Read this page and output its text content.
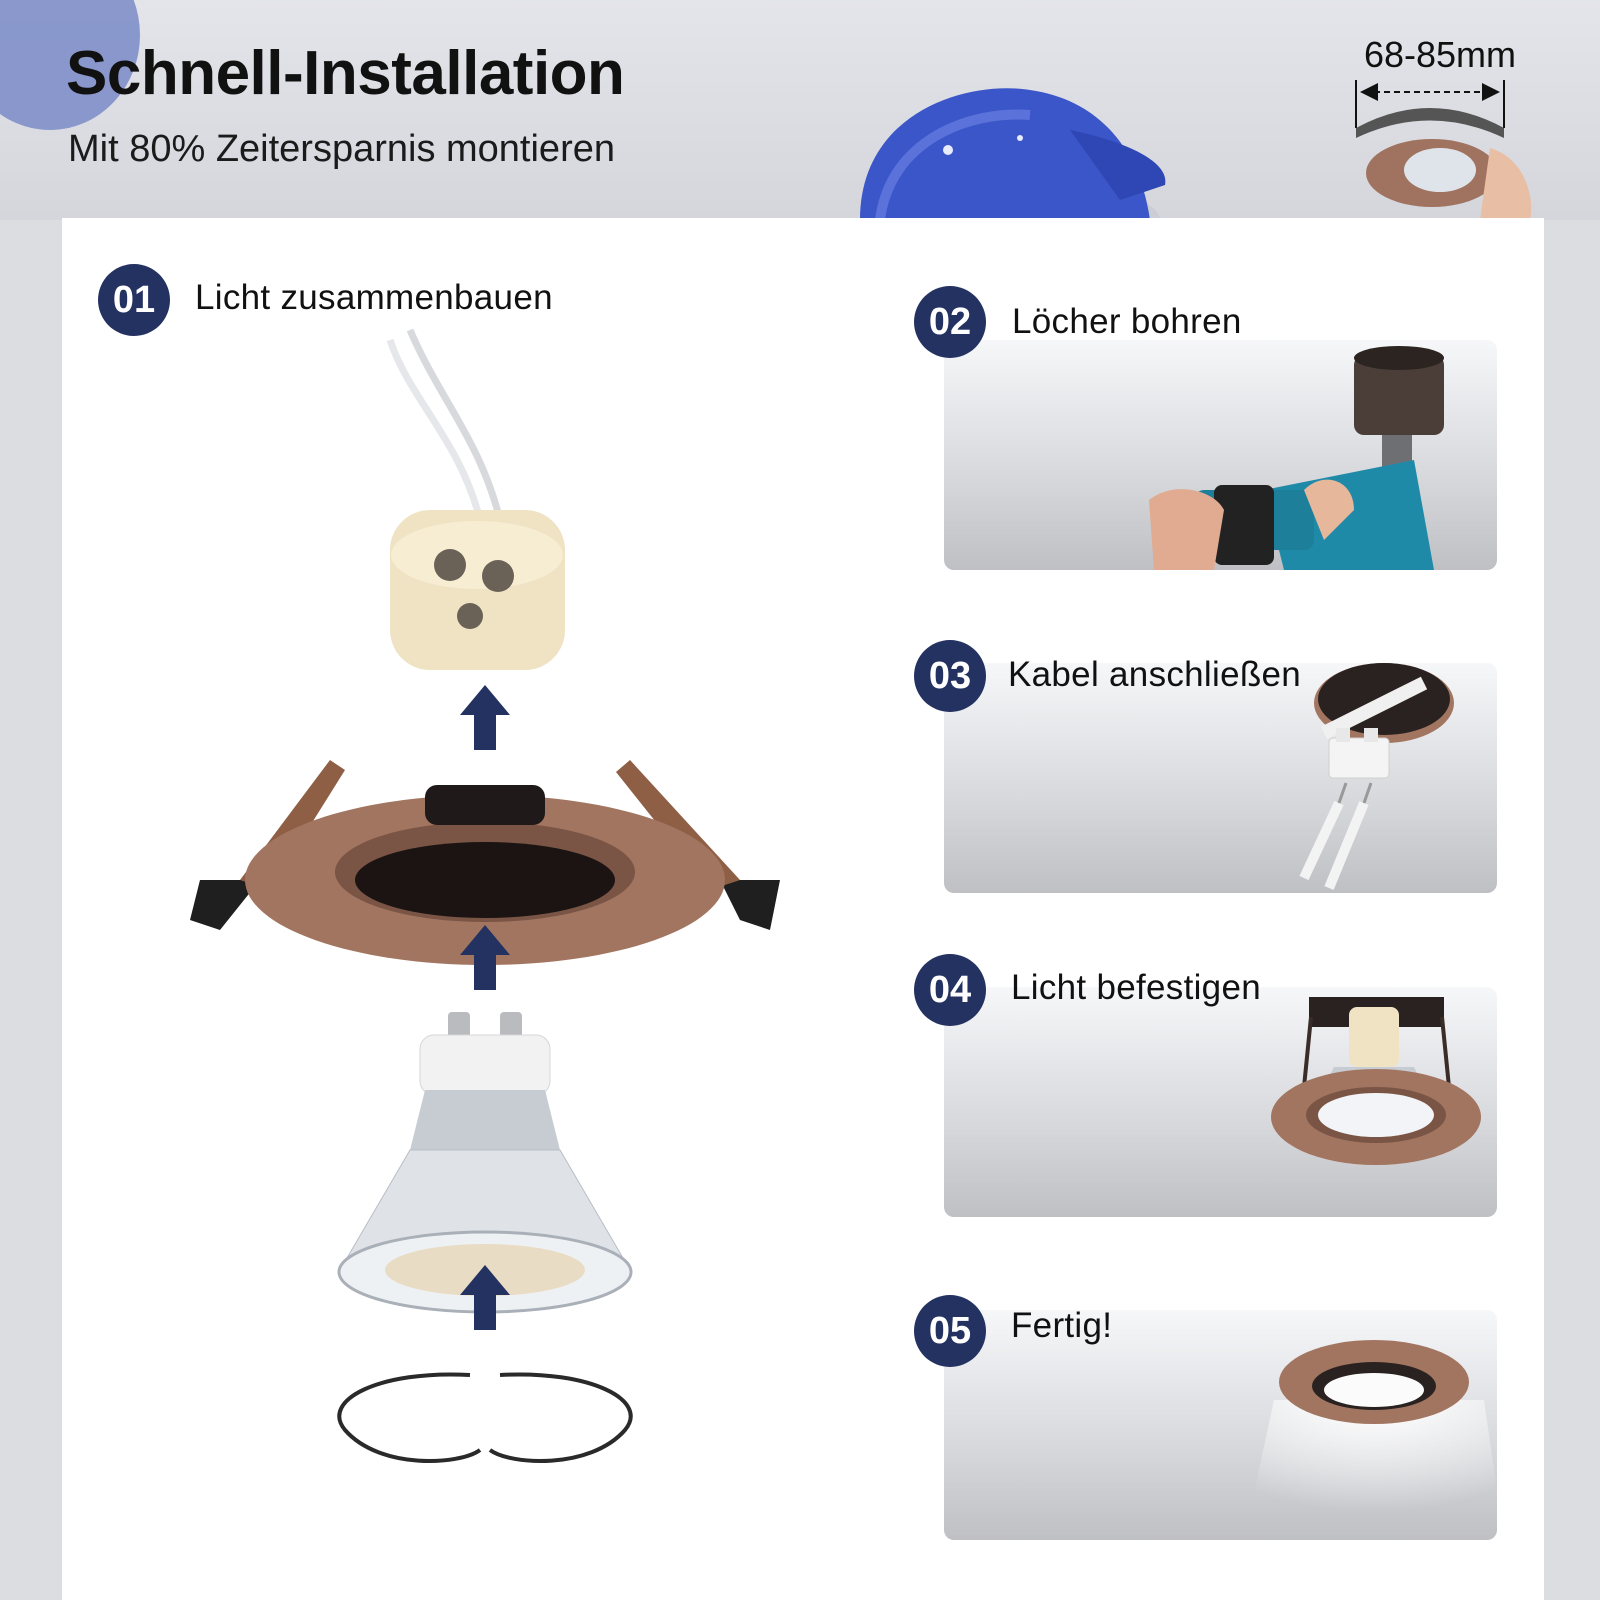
Schnell-Installation

Mit 80% Zeitersparnis montieren

68-85mm
01	Licht zusammenbauen
02	Löcher bohren
03	Kabel anschließen
04	Licht befestigen
05	Fertig!
